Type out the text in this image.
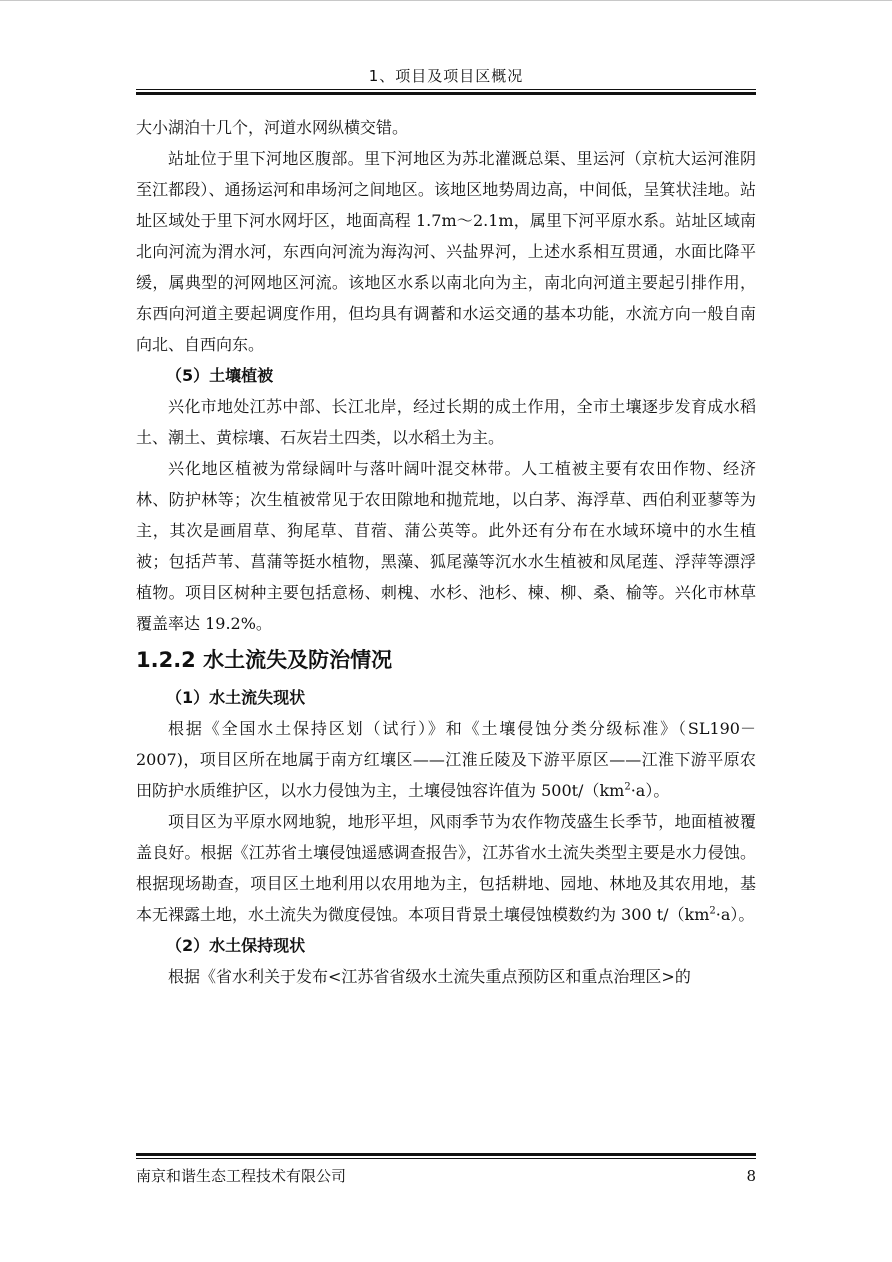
1、项目及项目区概况

大小湖泊十几个，河道水网纵横交错。

站址位于里下河地区腹部。里下河地区为苏北灌溉总渠、里运河（京杭大运河淮阴至江都段）、通扬运河和串场河之间地区。该地区地势周边高，中间低，呈箕状洼地。站址区域处于里下河水网圩区，地面高程 1.7m～2.1m，属里下河平原水系。站址区域南北向河流为渭水河，东西向河流为海沟河、兴盐界河，上述水系相互贯通，水面比降平缓，属典型的河网地区河流。该地区水系以南北向为主，南北向河道主要起引排作用，东西向河道主要起调度作用，但均具有调蓄和水运交通的基本功能，水流方向一般自南向北、自西向东。

（5）土壤植被

兴化市地处江苏中部、长江北岸，经过长期的成土作用，全市土壤逐步发育成水稻土、潮土、黄棕壤、石灰岩土四类，以水稻土为主。

兴化地区植被为常绿阔叶与落叶阔叶混交林带。人工植被主要有农田作物、经济林、防护林等；次生植被常见于农田隙地和抛荒地，以白茅、海浮草、西伯利亚蓼等为主，其次是画眉草、狗尾草、苜蓿、蒲公英等。此外还有分布在水域环境中的水生植被；包括芦苇、菖蒲等挺水植物，黑藻、狐尾藻等沉水水生植被和凤尾莲、浮萍等漂浮植物。项目区树种主要包括意杨、刺槐、水杉、池杉、楝、柳、桑、榆等。兴化市林草覆盖率达 19.2%。

1.2.2 水土流失及防治情况

（1）水土流失现状

根据《全国水土保持区划（试行）》和《土壤侵蚀分类分级标准》（SL190－2007)，项目区所在地属于南方红壤区——江淮丘陵及下游平原区——江淮下游平原农田防护水质维护区，以水力侵蚀为主，土壤侵蚀容许值为 $500t/(km^2\cdot a)$。

项目区为平原水网地貌，地形平坦，风雨季节为农作物茂盛生长季节，地面植被覆盖良好。根据《江苏省土壤侵蚀遥感调查报告》，江苏省水土流失类型主要是水力侵蚀。根据现场勘查，项目区土地利用以农用地为主，包括耕地、园地、林地及其农用地，基本无裸露土地，水土流失为微度侵蚀。本项目背景土壤侵蚀模数约为 300 $t/(km^2\cdot a)$。

（2）水土保持现状

根据《省水利关于发布<江苏省省级水土流失重点预防区和重点治理区>的

南京和谐生态工程技术有限公司	8
